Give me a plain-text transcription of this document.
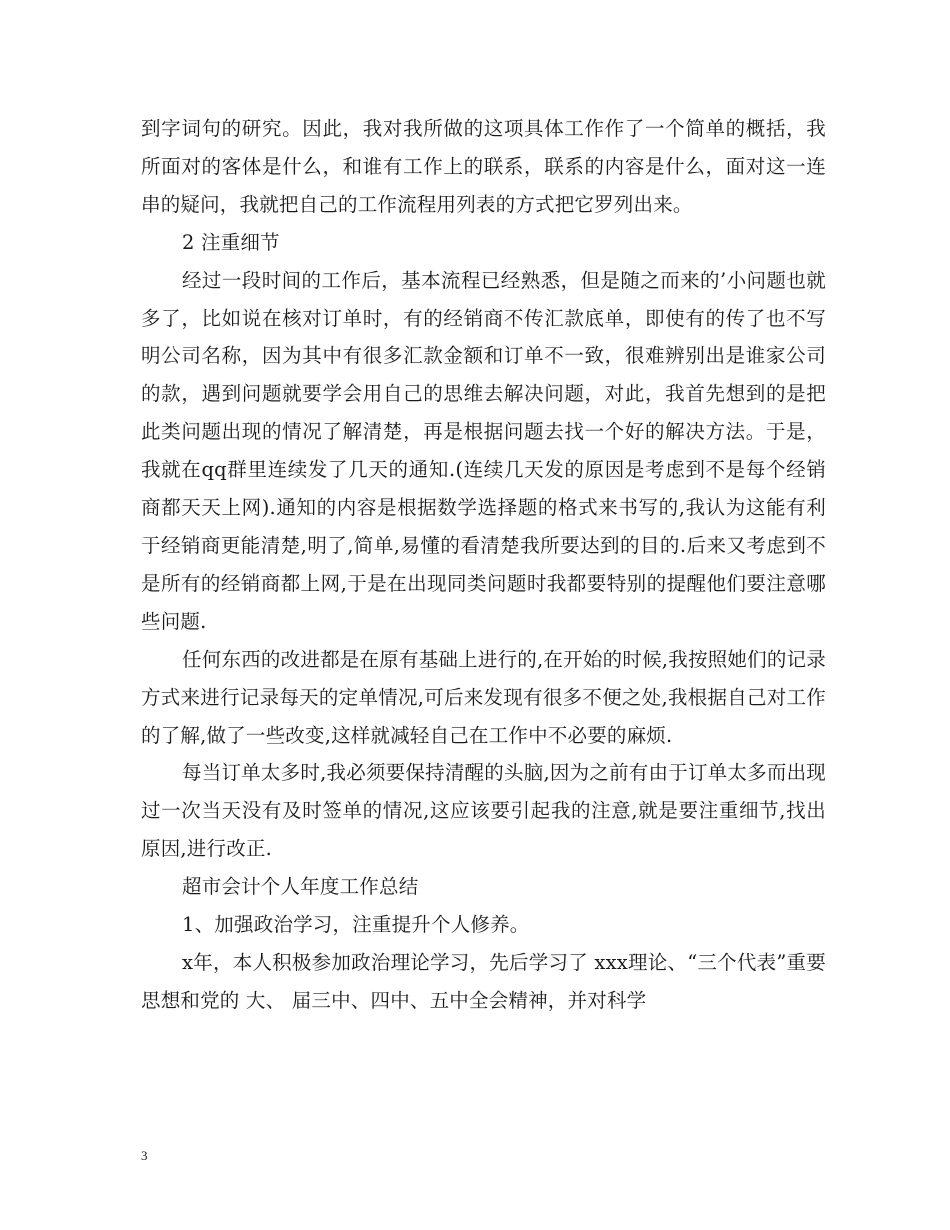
到字词句的研究。因此，我对我所做的这项具体工作作了一个简单的概括，我所面对的客体是什么，和谁有工作上的联系，联系的内容是什么，面对这一连串的疑问，我就把自己的工作流程用列表的方式把它罗列出来。

2 注重细节

经过一段时间的工作后，基本流程已经熟悉，但是随之而来的’小问题也就多了，比如说在核对订单时，有的经销商不传汇款底单，即使有的传了也不写明公司名称，因为其中有很多汇款金额和订单不一致，很难辨别出是谁家公司的款，遇到问题就要学会用自己的思维去解决问题，对此，我首先想到的是把此类问题出现的情况了解清楚，再是根据问题去找一个好的解决方法。于是，我就在qq群里连续发了几天的通知.(连续几天发的原因是考虑到不是每个经销商都天天上网).通知的内容是根据数学选择题的格式来书写的,我认为这能有利于经销商更能清楚,明了,简单,易懂的看清楚我所要达到的目的.后来又考虑到不是所有的经销商都上网,于是在出现同类问题时我都要特别的提醒他们要注意哪些问题.

任何东西的改进都是在原有基础上进行的,在开始的时候,我按照她们的记录方式来进行记录每天的定单情况,可后来发现有很多不便之处,我根据自己对工作的了解,做了一些改变,这样就减轻自己在工作中不必要的麻烦.

每当订单太多时,我必须要保持清醒的头脑,因为之前有由于订单太多而出现过一次当天没有及时签单的情况,这应该要引起我的注意,就是要注重细节,找出原因,进行改正.

超市会计个人年度工作总结

1、加强政治学习，注重提升个人修养。

x年，本人积极参加政治理论学习，先后学习了 xxx理论、“三个代表”重要思想和党的 大、 届三中、四中、五中全会精神，并对科学

3
